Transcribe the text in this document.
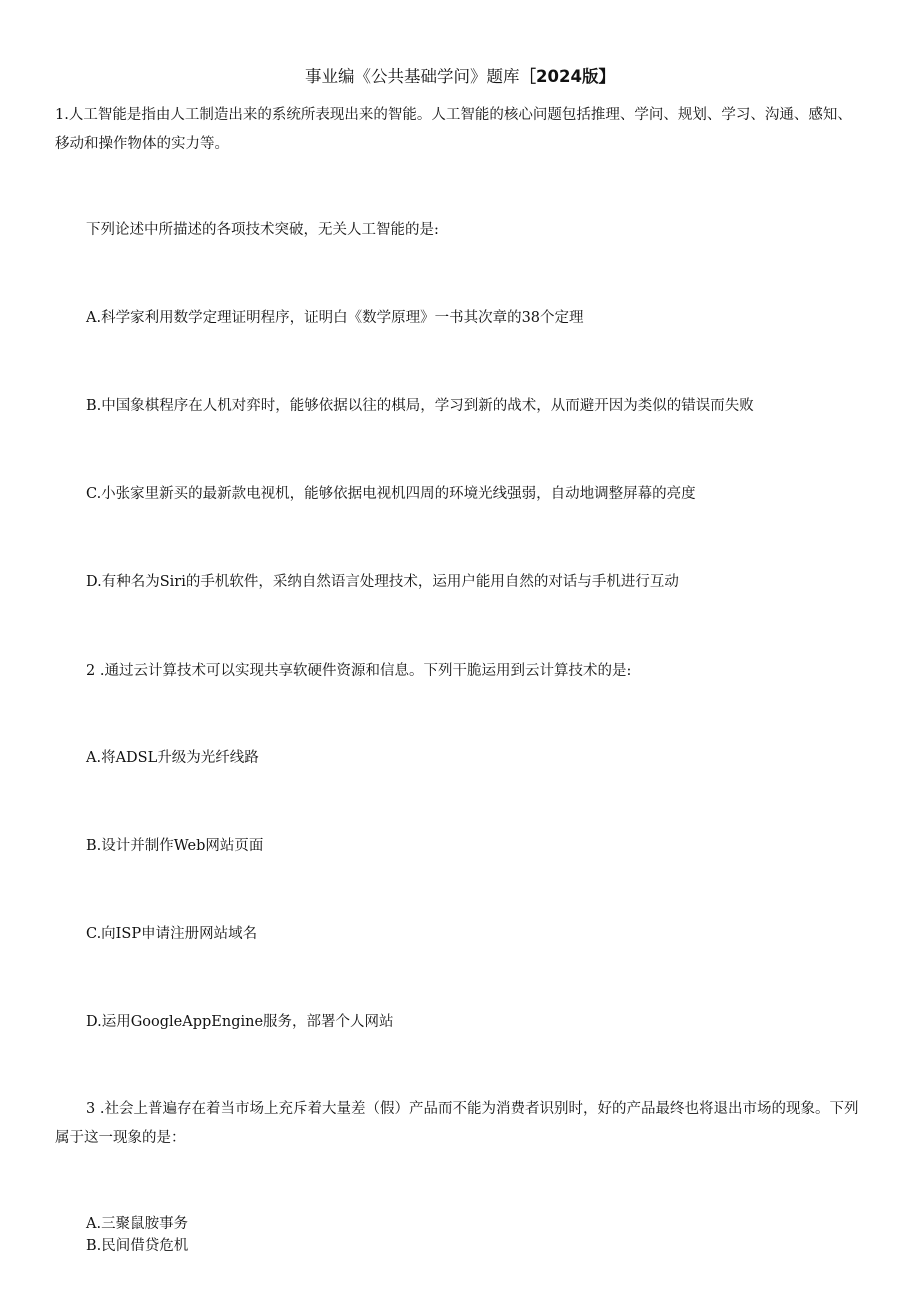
事业编《公共基础学问》题库［2024版】
1.人工智能是指由人工制造出来的系统所表现出来的智能。人工智能的核心问题包括推理、学问、规划、学习、沟通、感知、移动和操作物体的实力等。
下列论述中所描述的各项技术突破，无关人工智能的是:
A.科学家利用数学定理证明程序，证明白《数学原理》一书其次章的38个定理
B.中国象棋程序在人机对弈时，能够依据以往的棋局，学习到新的战术，从而避开因为类似的错误而失败
C.小张家里新买的最新款电视机，能够依据电视机四周的环境光线强弱，自动地调整屏幕的亮度
D.有种名为Siri的手机软件，采纳自然语言处理技术，运用户能用自然的对话与手机进行互动
2 .通过云计算技术可以实现共享软硬件资源和信息。下列干脆运用到云计算技术的是:
A.将ADSL升级为光纤线路
B.设计并制作Web网站页面
C.向ISP申请注册网站域名
D.运用GoogleAppEngine服务，部署个人网站
3 .社会上普遍存在着当市场上充斥着大量差（假）产品而不能为消费者识别时，好的产品最终也将退出市场的现象。下列属于这一现象的是：
A.三聚鼠胺事务
B.民间借贷危机
